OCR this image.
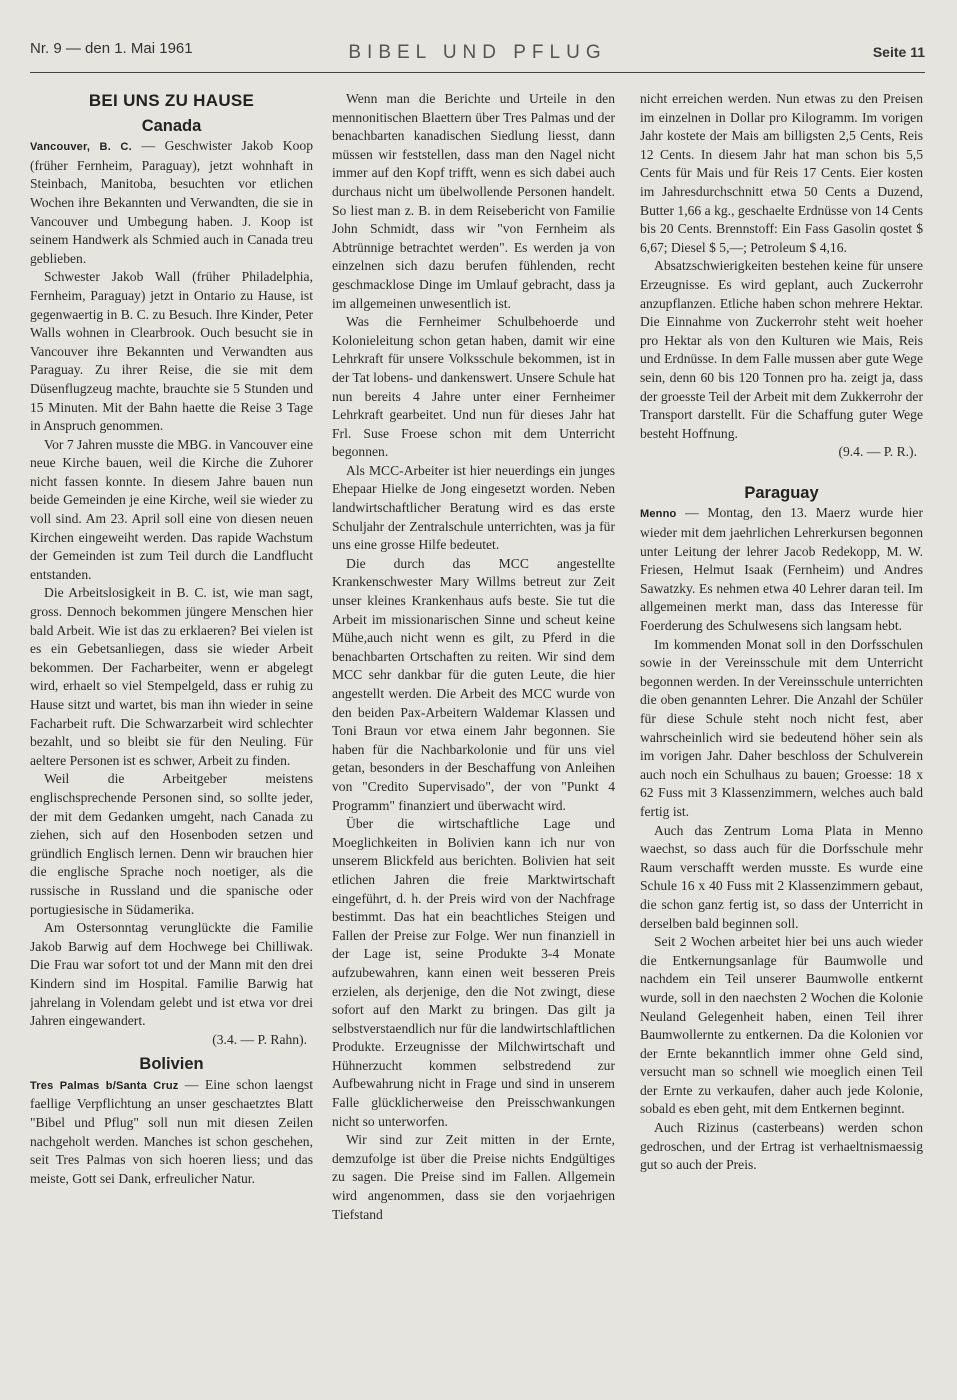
Nr. 9 — den 1. Mai 1961	BIBEL UND PFLUG	Seite 11
BEI UNS ZU HAUSE
Canada

Vancouver, B. C. — Geschwister Jakob Koop (früher Fernheim, Paraguay), jetzt wohnhaft in Steinbach, Manitoba, besuchten vor etlichen Wochen ihre Bekannten und Verwandten, die sie in Vancouver und Umbegung haben. J. Koop ist seinem Handwerk als Schmied auch in Canada treu geblieben.

Schwester Jakob Wall (früher Philadelphia, Fernheim, Paraguay) jetzt in Ontario zu Hause, ist gegenwaertig in B. C. zu Besuch. Ihre Kinder, Peter Walls wohnen in Clearbrook. Ouch besucht sie in Vancouver ihre Bekannten und Verwandten aus Paraguay. Zu ihrer Reise, die sie mit dem Düsenflugzeug machte, brauchte sie 5 Stunden und 15 Minuten. Mit der Bahn haette die Reise 3 Tage in Anspruch genommen.

Vor 7 Jahren musste die MBG. in Vancouver eine neue Kirche bauen, weil die Kirche die Zuhorer nicht fassen konnte. In diesem Jahre bauen nun beide Gemeinden je eine Kirche, weil sie wieder zu voll sind. Am 23. April soll eine von diesen neuen Kirchen eingeweiht werden. Das rapide Wachstum der Gemeinden ist zum Teil durch die Landflucht entstanden.

Die Arbeitslosigkeit in B. C. ist, wie man sagt, gross. Dennoch bekommen jüngere Menschen hier bald Arbeit. Wie ist das zu erklaeren? Bei vielen ist es ein Gebetsanliegen, dass sie wieder Arbeit bekommen. Der Facharbeiter, wenn er abgelegt wird, erhaelt so viel Stempelgeld, dass er ruhig zu Hause sitzt und wartet, bis man ihn wieder in seine Facharbeit ruft. Die Schwarzarbeit wird schlechter bezahlt, und so bleibt sie für den Neuling. Für aeltere Personen ist es schwer, Arbeit zu finden.

Weil die Arbeitgeber meistens englischsprechende Personen sind, so sollte jeder, der mit dem Gedanken umgeht, nach Canada zu ziehen, sich auf den Hosenboden setzen und gründlich Englisch lernen. Denn wir brauchen hier die englische Sprache noch noetiger, als die russische in Russland und die spanische oder portugiesische in Südamerika.

Am Ostersonntag verunglückte die Familie Jakob Barwig auf dem Hochwege bei Chilliwak. Die Frau war sofort tot und der Mann mit den drei Kindern sind im Hospital. Familie Barwig hat jahrelang in Volendam gelebt und ist etwa vor drei Jahren eingewandert.

(3.4. — P. Rahn).
Bolivien

Tres Palmas b/Santa Cruz — Eine schon laengst faellige Verpflichtung an unser geschaetztes Blatt "Bibel und Pflug" soll nun mit diesen Zeilen nachgeholt werden. Manches ist schon geschehen, seit Tres Palmas von sich hoeren liess; und das meiste, Gott sei Dank, erfreulicher Natur.

Wenn man die Berichte und Urteile in den mennonitischen Blaettern über Tres Palmas und der benachbarten kanadischen Siedlung liesst, dann müssen wir feststellen, dass man den Nagel nicht immer auf den Kopf trifft, wenn es sich dabei auch durchaus nicht um übelwollende Personen handelt. So liest man z. B. in dem Reisebericht von Familie John Schmidt, dass wir "von Fernheim als Abtrünnige betrachtet werden". Es werden ja von einzelnen sich dazu berufen fühlenden, recht geschmacklose Dinge im Umlauf gebracht, dass ja im allgemeinen unwesentlich ist.

Was die Fernheimer Schulbehoerde und Kolonieleitung schon getan haben, damit wir eine Lehrkraft für unsere Volksschule bekommen, ist in der Tat lobens- und dankenswert. Unsere Schule hat nun bereits 4 Jahre unter einer Fernheimer Lehrkraft gearbeitet. Und nun für dieses Jahr hat Frl. Suse Froese schon mit dem Unterricht begonnen.

Als MCC-Arbeiter ist hier neuerdings ein junges Ehepaar Hielke de Jong eingesetzt worden. Neben landwirtschaftlicher Beratung wird es das erste Schuljahr der Zentralschule unterrichten, was ja für uns eine grosse Hilfe bedeutet.

Die durch das MCC angestellte Krankenschwester Mary Willms betreut zur Zeit unser kleines Krankenhaus aufs beste. Sie tut die Arbeit im missionarischen Sinne und scheut keine Mühe,auch nicht wenn es gilt, zu Pferd in die benachbarten Ortschaften zu reiten. Wir sind dem MCC sehr dankbar für die guten Leute, die hier angestellt werden. Die Arbeit des MCC wurde von den beiden Pax-Arbeitern Waldemar Klassen und Toni Braun vor etwa einem Jahr begonnen. Sie haben für die Nachbarkolonie und für uns viel getan, besonders in der Beschaffung von Anleihen von "Credito Supervisado", der von "Punkt 4 Programm" finanziert und überwacht wird.

Über die wirtschaftliche Lage und Moeglichkeiten in Bolivien kann ich nur von unserem Blickfeld aus berichten. Bolivien hat seit etlichen Jahren die freie Marktwirtschaft eingeführt, d. h. der Preis wird von der Nachfrage bestimmt. Das hat ein beachtliches Steigen und Fallen der Preise zur Folge. Wer nun finanziell in der Lage ist, seine Produkte 3-4 Monate aufzubewahren, kann einen weit besseren Preis erzielen, als derjenige, den die Not zwingt, diese sofort auf den Markt zu bringen. Das gilt ja selbstverstaendlich nur für die landwirtschlaftlichen Produkte. Erzeugnisse der Milchwirtschaft und Hühnerzucht kommen selbstredend zur Aufbewahrung nicht in Frage und sind in unserem Falle glücklicherweise den Preisschwankungen nicht so unterworfen.

Wir sind zur Zeit mitten in der Ernte, demzufolge ist über die Preise nichts Endgültiges zu sagen. Die Preise sind im Fallen. Allgemein wird angenommen, dass sie den vorjaehrigen Tiefstand

nicht erreichen werden. Nun etwas zu den Preisen im einzelnen in Dollar pro Kilogramm. Im vorigen Jahr kostete der Mais am billigsten 2,5 Cents, Reis 12 Cents. In diesem Jahr hat man schon bis 5,5 Cents für Mais und für Reis 17 Cents. Eier kosten im Jahresdurchschnitt etwa 50 Cents a Duzend, Butter 1,66 a kg., geschaelte Erdnüsse von 14 Cents bis 20 Cents. Brennstoff: Ein Fass Gasolin qostet $ 6,67; Diesel $ 5,—; Petroleum $ 4,16.

Absatzschwierigkeiten bestehen keine für unsere Erzeugnisse. Es wird geplant, auch Zuckerrohr anzupflanzen. Etliche haben schon mehrere Hektar. Die Einnahme von Zuckerrohr steht weit hoeher pro Hektar als von den Kulturen wie Mais, Reis und Erdnüsse. In dem Falle mussen aber gute Wege sein, denn 60 bis 120 Tonnen pro ha. zeigt ja, dass der groesste Teil der Arbeit mit dem Zukkerrohr der Transport darstellt. Für die Schaffung guter Wege besteht Hoffnung.

(9.4. — P. R.).
Paraguay

Menno — Montag, den 13. Maerz wurde hier wieder mit dem jaehrlichen Lehrerkursen begonnen unter Leitung der lehrer Jacob Redekopp, M. W. Friesen, Helmut Isaak (Fernheim) und Andres Sawatzky. Es nehmen etwa 40 Lehrer daran teil. Im allgemeinen merkt man, dass das Interesse für Foerderung des Schulwesens sich langsam hebt.

Im kommenden Monat soll in den Dorfsschulen sowie in der Vereinsschule mit dem Unterricht begonnen werden. In der Vereinsschule unterrichten die oben genannten Lehrer. Die Anzahl der Schüler für diese Schule steht noch nicht fest, aber wahrscheinlich wird sie bedeutend höher sein als im vorigen Jahr. Daher beschloss der Schulverein auch noch ein Schulhaus zu bauen; Groesse: 18 x 62 Fuss mit 3 Klassenzimmern, welches auch bald fertig ist.

Auch das Zentrum Loma Plata in Menno waechst, so dass auch für die Dorfsschule mehr Raum verschafft werden musste. Es wurde eine Schule 16 x 40 Fuss mit 2 Klassenzimmern gebaut, die schon ganz fertig ist, so dass der Unterricht in derselben bald beginnen soll.

Seit 2 Wochen arbeitet hier bei uns auch wieder die Entkernungsanlage für Baumwolle und nachdem ein Teil unserer Baumwolle entkernt wurde, soll in den naechsten 2 Wochen die Kolonie Neuland Gelegenheit haben, einen Teil ihrer Baumwollernte zu entkernen. Da die Kolonien vor der Ernte bekanntlich immer ohne Geld sind, versucht man so schnell wie moeglich einen Teil der Ernte zu verkaufen, daher auch jede Kolonie, sobald es eben geht, mit dem Entkernen beginnt.

Auch Rizinus (casterbeans) werden schon gedroschen, und der Ertrag ist verhaeltnismaessig gut so auch der Preis.
